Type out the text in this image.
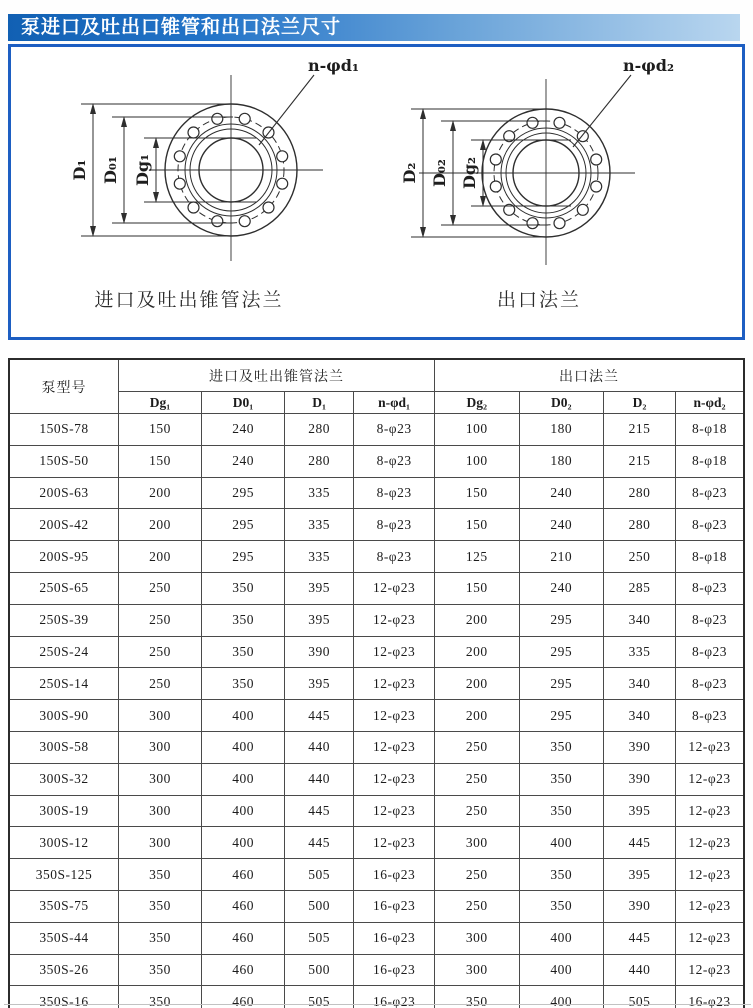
泵进口及吐出口锥管和出口法兰尺寸
D₁ D₀₁ Dg₁
n-φd₁
D₂ D₀₂ Dg₂
n-φd₂
进口及吐出锥管法兰	出口法兰
泵型号	进口及吐出锥管法兰				出口法兰			
	Dg₁	D0₁	D₁	n-φd₁	Dg₂	D0₂	D₂	n-φd₂
150S-78	150	240	280	8-φ23	100	180	215	8-φ18
150S-50	150	240	280	8-φ23	100	180	215	8-φ18
200S-63	200	295	335	8-φ23	150	240	280	8-φ23
200S-42	200	295	335	8-φ23	150	240	280	8-φ23
200S-95	200	295	335	8-φ23	125	210	250	8-φ18
250S-65	250	350	395	12-φ23	150	240	285	8-φ23
250S-39	250	350	395	12-φ23	200	295	340	8-φ23
250S-24	250	350	390	12-φ23	200	295	335	8-φ23
250S-14	250	350	395	12-φ23	200	295	340	8-φ23
300S-90	300	400	445	12-φ23	200	295	340	8-φ23
300S-58	300	400	440	12-φ23	250	350	390	12-φ23
300S-32	300	400	440	12-φ23	250	350	390	12-φ23
300S-19	300	400	445	12-φ23	250	350	395	12-φ23
300S-12	300	400	445	12-φ23	300	400	445	12-φ23
350S-125	350	460	505	16-φ23	250	350	395	12-φ23
350S-75	350	460	500	16-φ23	250	350	390	12-φ23
350S-44	350	460	505	16-φ23	300	400	445	12-φ23
350S-26	350	460	500	16-φ23	300	400	440	12-φ23
350S-16	350	460	505	16-φ23	350	400	505	16-φ23
